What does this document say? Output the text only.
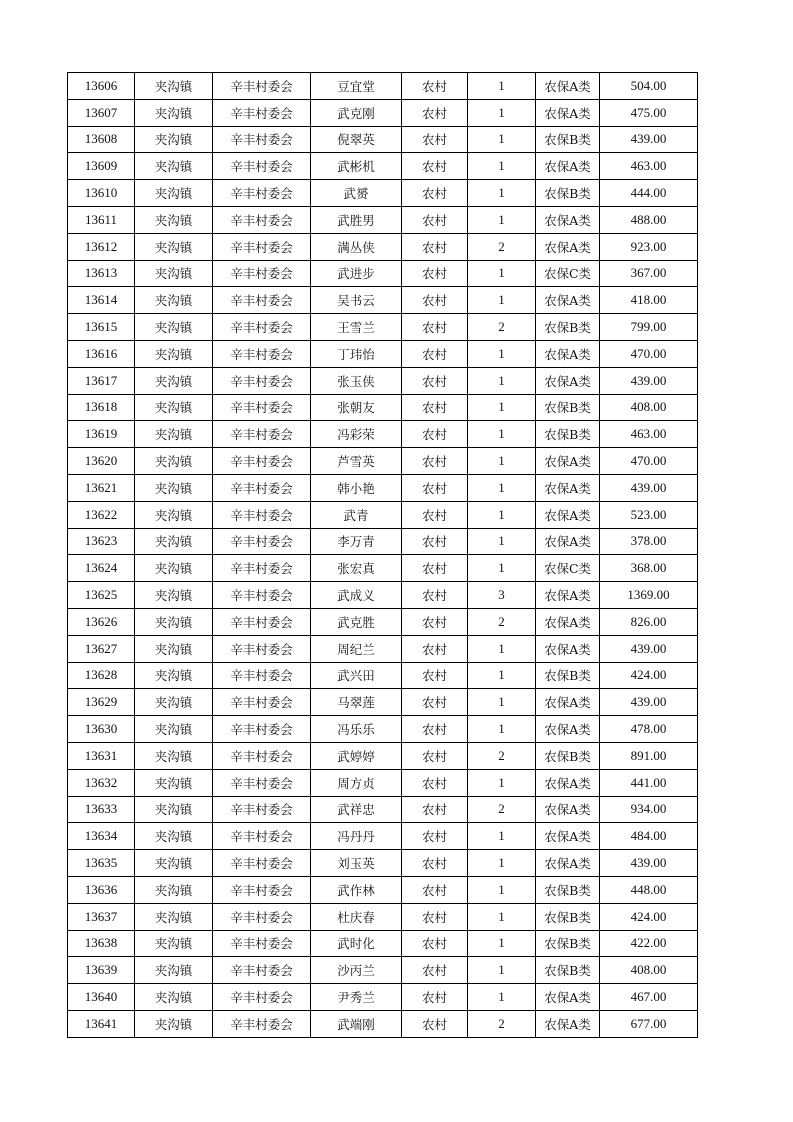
13606	夹沟镇	辛丰村委会	豆宜堂	农村	1	农保A类	504.00
13607	夹沟镇	辛丰村委会	武克刚	农村	1	农保A类	475.00
13608	夹沟镇	辛丰村委会	倪翠英	农村	1	农保B类	439.00
13609	夹沟镇	辛丰村委会	武彬机	农村	1	农保A类	463.00
13610	夹沟镇	辛丰村委会	武赟	农村	1	农保B类	444.00
13611	夹沟镇	辛丰村委会	武胜男	农村	1	农保A类	488.00
13612	夹沟镇	辛丰村委会	满丛侠	农村	2	农保A类	923.00
13613	夹沟镇	辛丰村委会	武进步	农村	1	农保C类	367.00
13614	夹沟镇	辛丰村委会	吴书云	农村	1	农保A类	418.00
13615	夹沟镇	辛丰村委会	王雪兰	农村	2	农保B类	799.00
13616	夹沟镇	辛丰村委会	丁玮怡	农村	1	农保A类	470.00
13617	夹沟镇	辛丰村委会	张玉侠	农村	1	农保A类	439.00
13618	夹沟镇	辛丰村委会	张朝友	农村	1	农保B类	408.00
13619	夹沟镇	辛丰村委会	冯彩荣	农村	1	农保B类	463.00
13620	夹沟镇	辛丰村委会	芦雪英	农村	1	农保A类	470.00
13621	夹沟镇	辛丰村委会	韩小艳	农村	1	农保A类	439.00
13622	夹沟镇	辛丰村委会	武青	农村	1	农保A类	523.00
13623	夹沟镇	辛丰村委会	李万青	农村	1	农保A类	378.00
13624	夹沟镇	辛丰村委会	张宏真	农村	1	农保C类	368.00
13625	夹沟镇	辛丰村委会	武成义	农村	3	农保A类	1369.00
13626	夹沟镇	辛丰村委会	武克胜	农村	2	农保A类	826.00
13627	夹沟镇	辛丰村委会	周纪兰	农村	1	农保A类	439.00
13628	夹沟镇	辛丰村委会	武兴田	农村	1	农保B类	424.00
13629	夹沟镇	辛丰村委会	马翠莲	农村	1	农保A类	439.00
13630	夹沟镇	辛丰村委会	冯乐乐	农村	1	农保A类	478.00
13631	夹沟镇	辛丰村委会	武婷婷	农村	2	农保B类	891.00
13632	夹沟镇	辛丰村委会	周方贞	农村	1	农保A类	441.00
13633	夹沟镇	辛丰村委会	武祥忠	农村	2	农保A类	934.00
13634	夹沟镇	辛丰村委会	冯丹丹	农村	1	农保A类	484.00
13635	夹沟镇	辛丰村委会	刘玉英	农村	1	农保A类	439.00
13636	夹沟镇	辛丰村委会	武作林	农村	1	农保B类	448.00
13637	夹沟镇	辛丰村委会	杜庆春	农村	1	农保B类	424.00
13638	夹沟镇	辛丰村委会	武时化	农村	1	农保B类	422.00
13639	夹沟镇	辛丰村委会	沙丙兰	农村	1	农保B类	408.00
13640	夹沟镇	辛丰村委会	尹秀兰	农村	1	农保A类	467.00
13641	夹沟镇	辛丰村委会	武端刚	农村	2	农保A类	677.00
